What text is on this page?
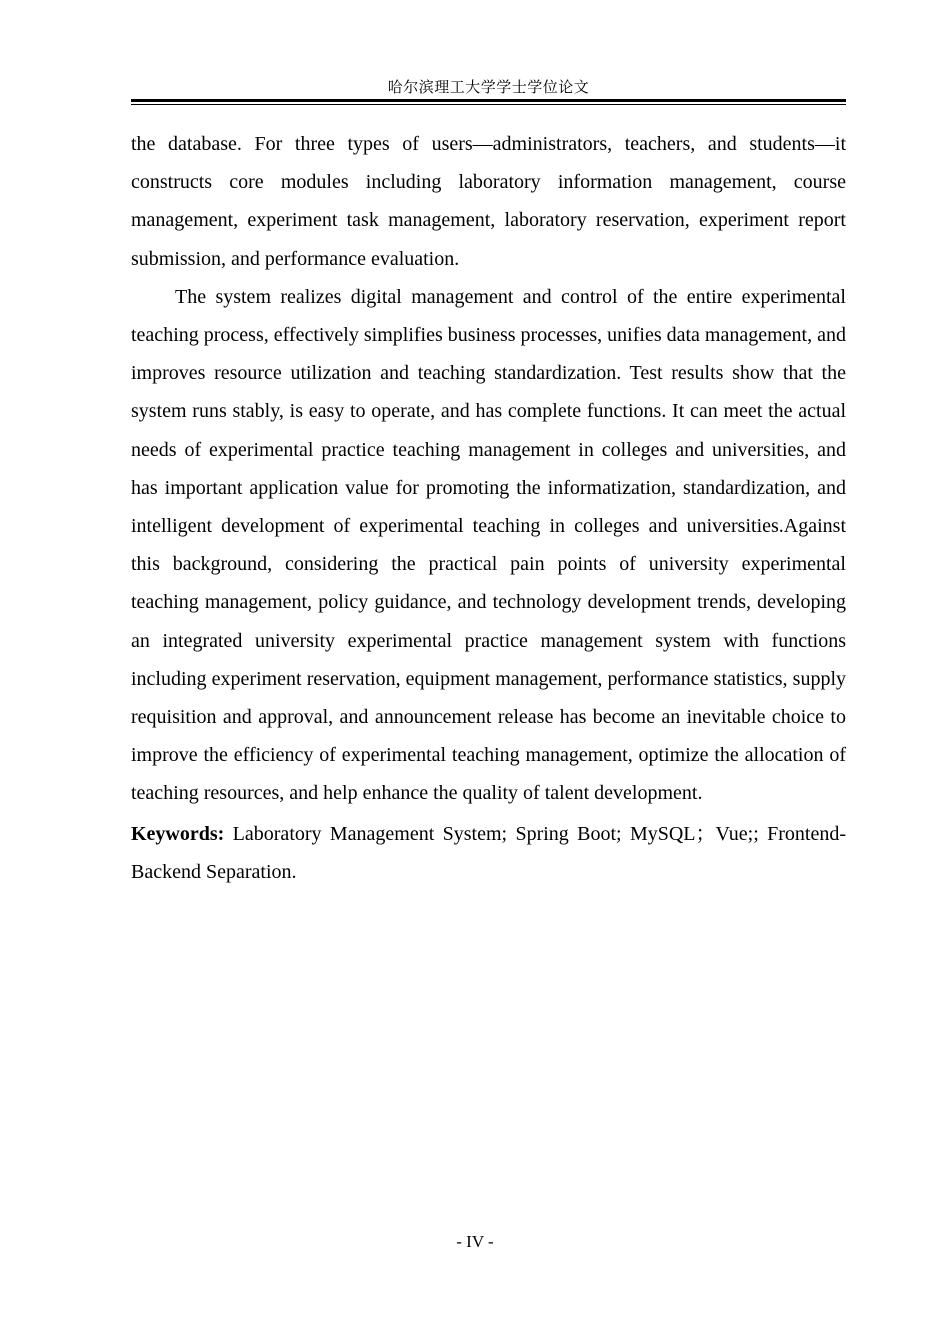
哈尔滨理工大学学士学位论文

the database. For three types of users—administrators, teachers, and students—it constructs core modules including laboratory information management, course management, experiment task management, laboratory reservation, experiment report submission, and performance evaluation.

The system realizes digital management and control of the entire experimental teaching process, effectively simplifies business processes, unifies data management, and improves resource utilization and teaching standardization. Test results show that the system runs stably, is easy to operate, and has complete functions. It can meet the actual needs of experimental practice teaching management in colleges and universities, and has important application value for promoting the informatization, standardization, and intelligent development of experimental teaching in colleges and universities.Against this background, considering the practical pain points of university experimental teaching management, policy guidance, and technology development trends, developing an integrated university experimental practice management system with functions including experiment reservation, equipment management, performance statistics, supply requisition and approval, and announcement release has become an inevitable choice to improve the efficiency of experimental teaching management, optimize the allocation of teaching resources, and help enhance the quality of talent development.

Keywords: Laboratory Management System; Spring Boot; MySQL；Vue;; Frontend-Backend Separation.

- IV -
